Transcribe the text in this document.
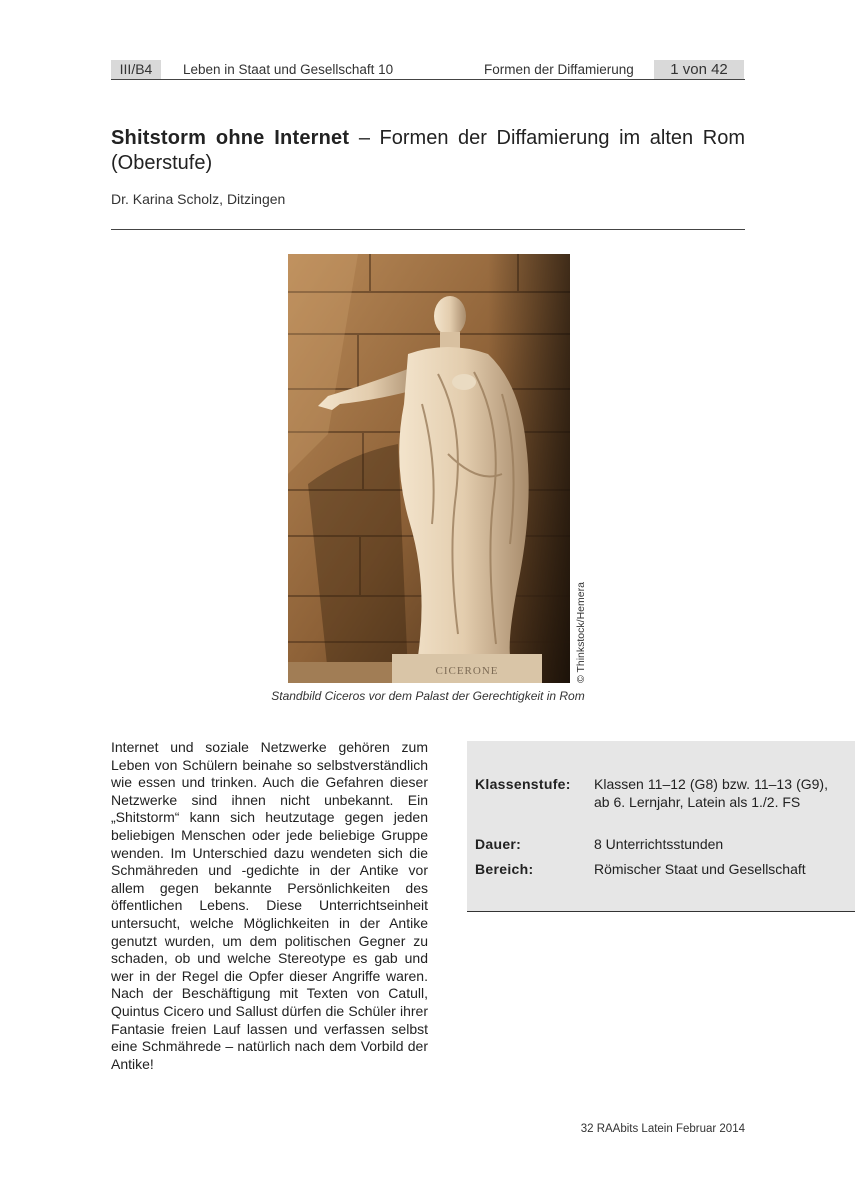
III/B4	Leben in Staat und Gesellschaft 10	Formen der Diffamierung	1 von 42
Shitstorm ohne Internet – Formen der Diffamierung im alten Rom (Oberstufe)
Dr. Karina Scholz, Ditzingen
CICERONE	© Thinkstock/Hemera
Standbild Ciceros vor dem Palast der Gerechtigkeit in Rom

Internet und soziale Netzwerke gehören zum Leben von Schülern beinahe so selbstverständlich wie essen und trinken. Auch die Gefahren dieser Netzwerke sind ihnen nicht unbekannt. Ein „Shitstorm“ kann sich heutzutage gegen jeden beliebigen Menschen oder jede beliebige Gruppe wenden. Im Unterschied dazu wendeten sich die Schmähreden und -gedichte in der Antike vor allem gegen bekannte Persönlichkeiten des öffentlichen Lebens. Diese Unterrichtseinheit untersucht, welche Möglichkeiten in der Antike genutzt wurden, um dem politischen Gegner zu schaden, ob und welche Stereotype es gab und wer in der Regel die Opfer dieser Angriffe waren. Nach der Beschäftigung mit Texten von Catull, Quintus Cicero und Sallust dürfen die Schüler ihrer Fantasie freien Lauf lassen und verfassen selbst eine Schmährede – natürlich nach dem Vorbild der Antike!

Klassenstufe:	Klassen 11–12 (G8) bzw. 11–13 (G9), ab 6. Lernjahr, Latein als 1./2. FS
Dauer:	8 Unterrichtsstunden
Bereich:	Römischer Staat und Gesellschaft
32 RAAbits Latein Februar 2014
